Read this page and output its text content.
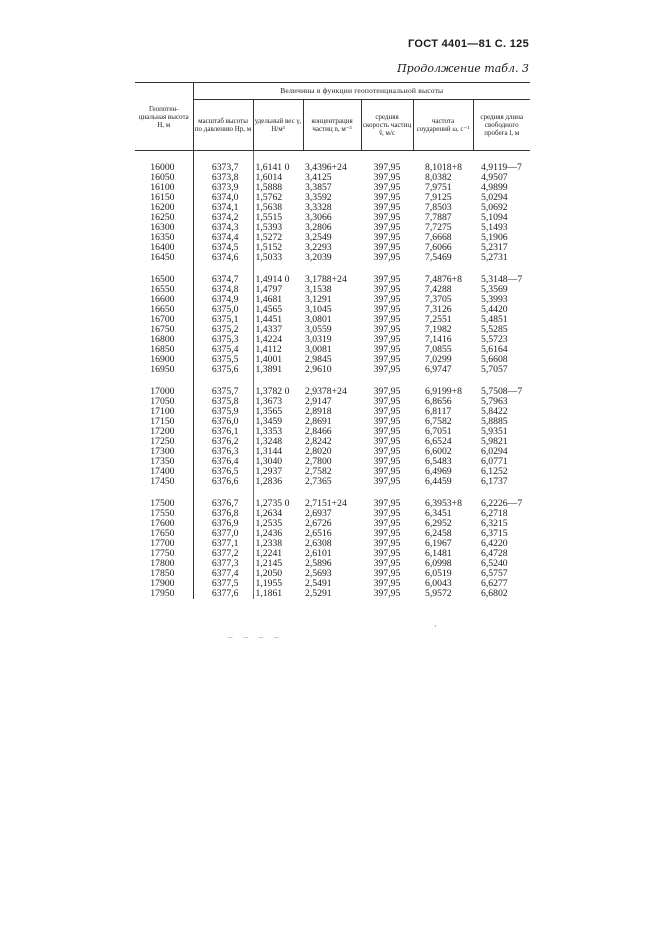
ГОСТ 4401—81 С. 125
Продолжение табл. 3
Геопотен-циальная высота H, м	Величины в функции геопотенциальной высоты					
	масштаб высоты по давлению Hp, м	удельный вес γ, Н/м³	концентрация частиц n, м⁻³	средняя скорость частиц v̄, м/с	частота соударений ω, с⁻¹	средняя длина свободного пробега l, м

16000	6373,7	1,6141 0	3,4396+24	397,95	8,1018+8	4,9119—7
16050	6373,8	1,6014	3,4125	397,95	8,0382	4,9507
16100	6373,9	1,5888	3,3857	397,95	7,9751	4,9899
16150	6374,0	1,5762	3,3592	397,95	7,9125	5,0294
16200	6374,1	1,5638	3,3328	397,95	7,8503	5,0692
16250	6374,2	1,5515	3,3066	397,95	7,7887	5,1094
16300	6374,3	1,5393	3,2806	397,95	7,7275	5,1493
16350	6374,4	1,5272	3,2549	397,95	7,6668	5,1906
16400	6374,5	1,5152	3,2293	397,95	7,6066	5,2317
16450	6374,6	1,5033	3,2039	397,95	7,5469	5,2731

16500	6374,7	1,4914 0	3,1788+24	397,95	7,4876+8	5,3148—7
16550	6374,8	1,4797	3,1538	397,95	7,4288	5,3569
16600	6374,9	1,4681	3,1291	397,95	7,3705	5,3993
16650	6375,0	1,4565	3,1045	397,95	7,3126	5,4420
16700	6375,1	1,4451	3,0801	397,95	7,2551	5,4851
16750	6375,2	1,4337	3,0559	397,95	7,1982	5,5285
16800	6375,3	1,4224	3,0319	397,95	7,1416	5,5723
16850	6375,4	1,4112	3,0081	397,95	7,0855	5,6164
16900	6375,5	1,4001	2,9845	397,95	7,0299	5,6608
16950	6375,6	1,3891	2,9610	397,95	6,9747	5,7057

17000	6375,7	1,3782 0	2,9378+24	397,95	6,9199+8	5,7508—7
17050	6375,8	1,3673	2,9147	397,95	6,8656	5,7963
17100	6375,9	1,3565	2,8918	397,95	6,8117	5,8422
17150	6376,0	1,3459	2,8691	397,95	6,7582	5,8885
17200	6376,1	1,3353	2,8466	397,95	6,7051	5,9351
17250	6376,2	1,3248	2,8242	397,95	6,6524	5,9821
17300	6376,3	1,3144	2,8020	397,95	6,6002	6,0294
17350	6376,4	1,3040	2,7800	397,95	6,5483	6,0771
17400	6376,5	1,2937	2,7582	397,95	6,4969	6,1252
17450	6376,6	1,2836	2,7365	397,95	6,4459	6,1737

17500	6376,7	1,2735 0	2,7151+24	397,95	6,3953+8	6,2226—7
17550	6376,8	1,2634	2,6937	397,95	6,3451	6,2718
17600	6376,9	1,2535	2,6726	397,95	6,2952	6,3215
17650	6377,0	1,2436	2,6516	397,95	6,2458	6,3715
17700	6377,1	1,2338	2,6308	397,95	6,1967	6,4220
17750	6377,2	1,2241	2,6101	397,95	6,1481	6,4728
17800	6377,3	1,2145	2,5896	397,95	6,0998	6,5240
17850	6377,4	1,2050	2,5693	397,95	6,0519	6,5757
17900	6377,5	1,1955	2,5491	397,95	6,0043	6,6277
17950	6377,6	1,1861	2,5291	397,95	5,9572	6,6802
_ _ _ _
·
